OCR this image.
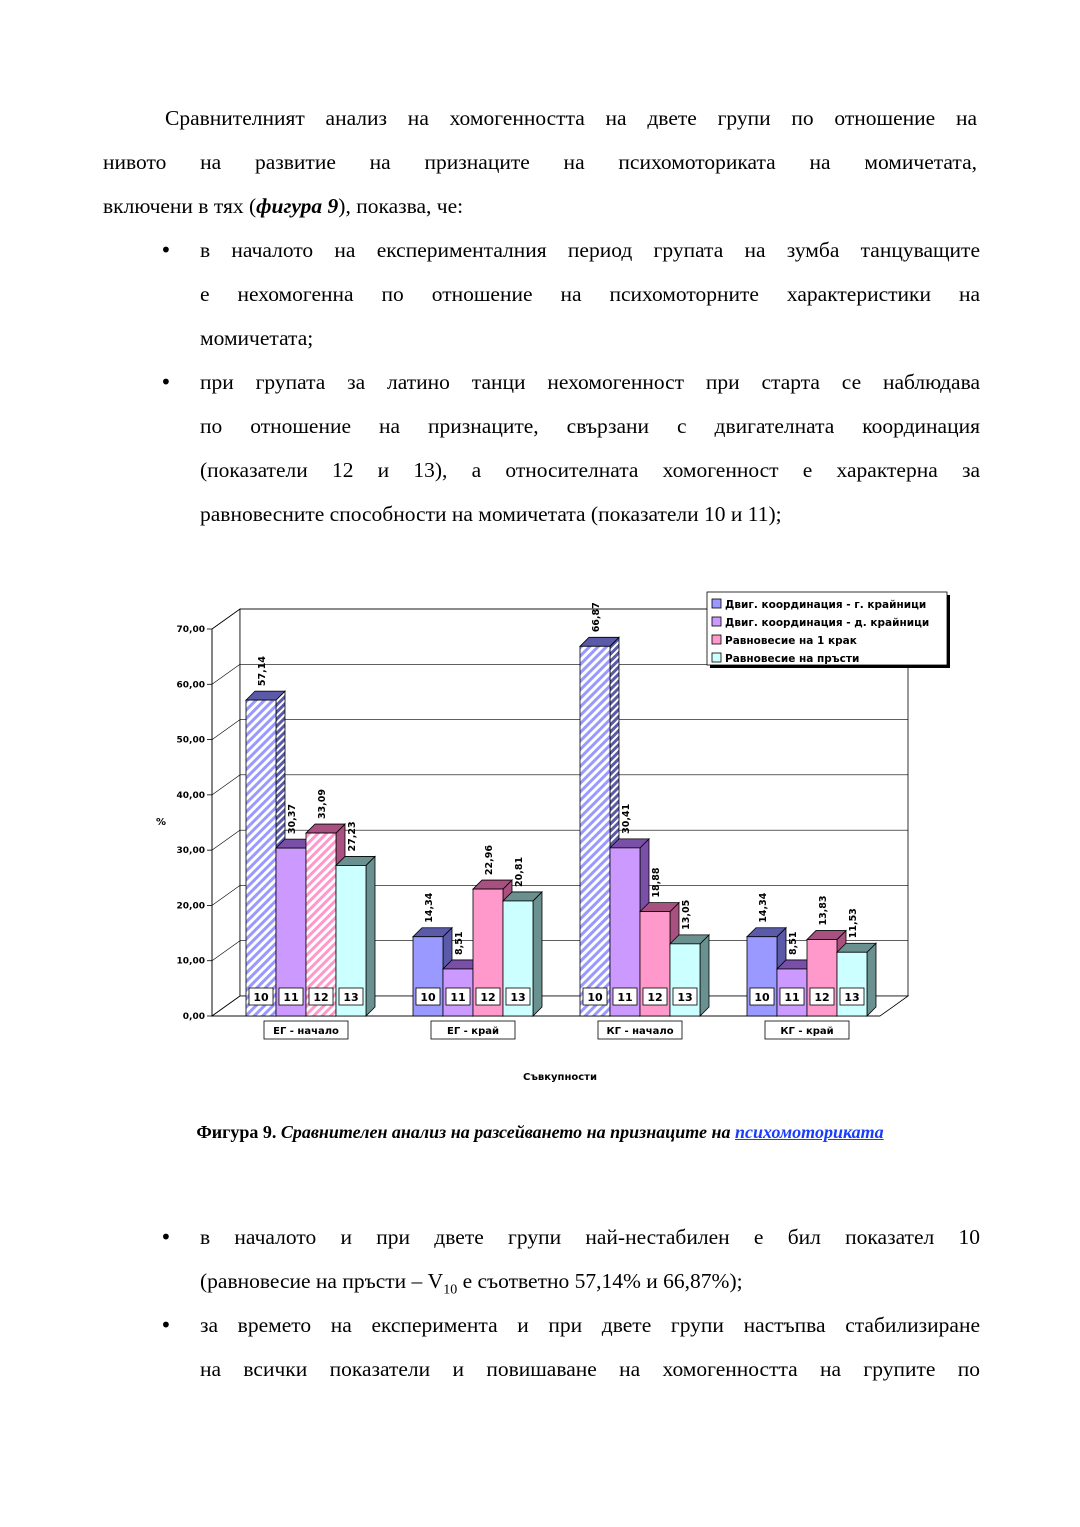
Сравнителният анализ на хомогенността на двете групи по отношение на
нивото на развитие на признаците на психомоториката на момичетата,
включени в тях (фигура 9), показва, че:
•	в началото на експерименталния период групата на зумба танцуващите
е нехомогенна по отношение на психомоторните характеристики на
момичетата;
•	при групата за латино танци нехомогенност при старта се наблюдава
по отношение на признаците, свързани с двигателната координация
(показатели 12 и 13), а относителната хомогенност е характерна за
равновесните способности на момичетата (показатели 10 и 11);
0,00
10,00
20,00
30,00
40,00
50,00
60,00
70,00
%
57,14
10
30,37
11
33,09
12
27,23
13
ЕГ - начало
14,34
10
8,51
11
22,96
12
20,81
13
ЕГ - край
66,87
10
30,41
11
18,88
12
13,05
13
КГ - начало
14,34
10
8,51
11
13,83
12
11,53
13
КГ - край
Съвкупности
Двиг. координация - г. крайници
Двиг. координация - д. крайници
Равновесие на 1 крак
Равновесие на пръсти
Фигура 9. Сравнителен анализ на разсейването на признаците на психомоториката
•	в началото и при двете групи най-нестабилен е бил показател 10
(равновесие на пръсти – $V_{10}$ е съответно 57,14% и 66,87%);
•	за времето на експеримента и при двете групи настъпва стабилизиране
на всички показатели и повишаване на хомогенността на групите по
